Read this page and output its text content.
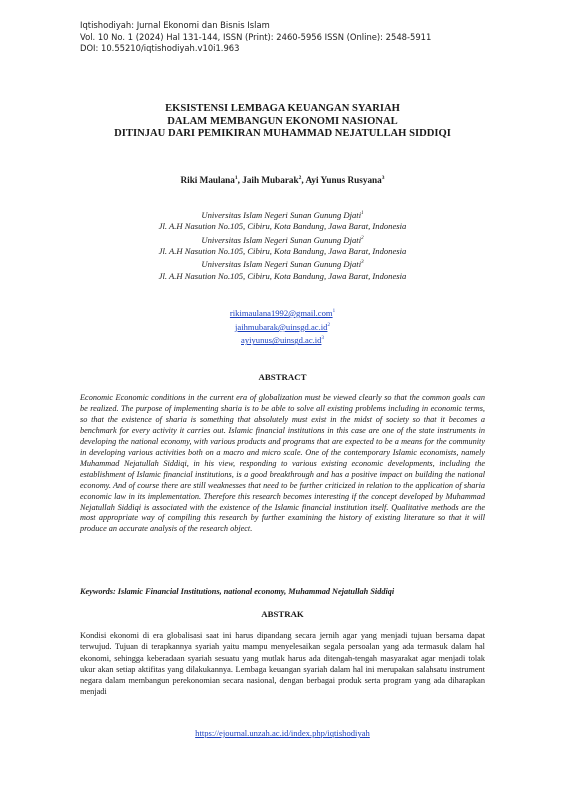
Iqtishodiyah: Jurnal Ekonomi dan Bisnis Islam
Vol. 10 No. 1 (2024) Hal 131-144, ISSN (Print): 2460-5956 ISSN (Online): 2548-5911
DOI: 10.55210/iqtishodiyah.v10i1.963
EKSISTENSI LEMBAGA KEUANGAN SYARIAH
DALAM MEMBANGUN EKONOMI NASIONAL
DITINJAU DARI PEMIKIRAN MUHAMMAD NEJATULLAH SIDDIQI
Riki Maulana$^1$, Jaih Mubarak$^2$, Ayi Yunus Rusyana$^3$
Universitas Islam Negeri Sunan Gunung Djati$^1$
Jl. A.H Nasution No.105, Cibiru, Kota Bandung, Jawa Barat, Indonesia
Universitas Islam Negeri Sunan Gunung Djati$^2$
Jl. A.H Nasution No.105, Cibiru, Kota Bandung, Jawa Barat, Indonesia
Universitas Islam Negeri Sunan Gunung Djati$^3$
Jl. A.H Nasution No.105, Cibiru, Kota Bandung, Jawa Barat, Indonesia
rikimaulana1992@gmail.com$^1$
$jaihmubarak@uinsgd.ac.id^2$
$ayiyunus@uinsgd.ac.id^3$
ABSTRACT
Economic Economic conditions in the current era of globalization must be viewed clearly so that the common goals can be realized. The purpose of implementing sharia is to be able to solve all existing problems including in economic terms, so that the existence of sharia is something that absolutely must exist in the midst of society so that it becomes a benchmark for every activity it carries out. Islamic financial institutions in this case are one of the state instruments in developing the national economy, with various products and programs that are expected to be a means for the community in developing various activities both on a macro and micro scale. One of the contemporary Islamic economists, namely Muhammad Nejatullah Siddiqi, in his view, responding to various existing economic developments, including the establishment of Islamic financial institutions, is a good breakthrough and has a positive impact on building the national economy. And of course there are still weaknesses that need to be further criticized in relation to the application of sharia economic law in its implementation. Therefore this research becomes interesting if the concept developed by Muhammad Nejatullah Siddiqi is associated with the existence of the Islamic financial institution itself. Qualitative methods are the most appropriate way of compiling this research by further examining the history of existing literature so that it will produce an accurate analysis of the research object.
Keywords: Islamic Financial Institutions, national economy, Muhammad Nejatullah Siddiqi
ABSTRAK
Kondisi ekonomi di era globalisasi saat ini harus dipandang secara jernih agar yang menjadi tujuan bersama dapat terwujud. Tujuan di terapkannya syariah yaitu mampu menyelesaikan segala persoalan yang ada termasuk dalam hal ekonomi, sehingga keberadaan syariah sesuatu yang mutlak harus ada ditengah-tengah masyarakat agar menjadi tolak ukur akan setiap aktifitas yang dilakukannya. Lembaga keuangan syariah dalam hal ini merupakan salahsatu instrument negara dalam membangun perekonomian secara nasional, dengan berbagai produk serta program yang ada diharapkan menjadi
https://ejournal.unzah.ac.id/index.php/iqtishodiyah
